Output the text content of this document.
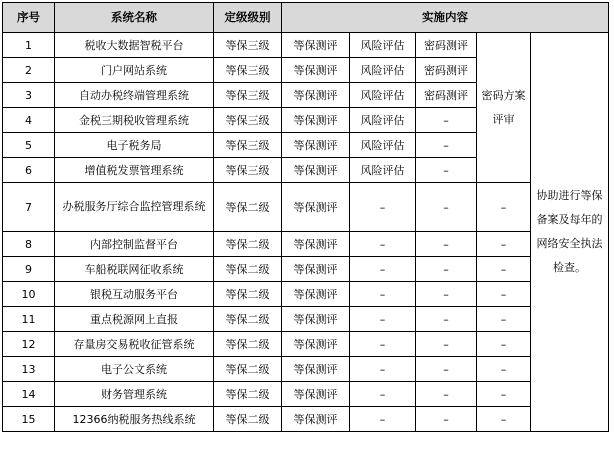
序号	系统名称	定级级别	实施内容				

1	税收大数据智税平台	等保三级	等保测评	风险评估	密码测评	密码方案评审	协助进行等保备案及每年的网络安全执法检查。
2	门户网站系统	等保三级	等保测评	风险评估	密码测评		
3	自动办税终端管理系统	等保三级	等保测评	风险评估	密码测评		
4	金税三期税收管理系统	等保三级	等保测评	风险评估	–		
5	电子税务局	等保三级	等保测评	风险评估	–		
6	增值税发票管理系统	等保三级	等保测评	风险评估	–		
7	办税服务厅综合监控管理系统	等保二级	等保测评	–	–	–	
8	内部控制监督平台	等保二级	等保测评	–	–	–	
9	车船税联网征收系统	等保二级	等保测评	–	–	–	
10	银税互动服务平台	等保二级	等保测评	–	–	–	
11	重点税源网上直报	等保二级	等保测评	–	–	–	
12	存量房交易税收征管系统	等保二级	等保测评	–	–	–	
13	电子公文系统	等保二级	等保测评	–	–	–	
14	财务管理系统	等保二级	等保测评	–	–	–	
15	12366纳税服务热线系统	等保二级	等保测评	–	–	–	
